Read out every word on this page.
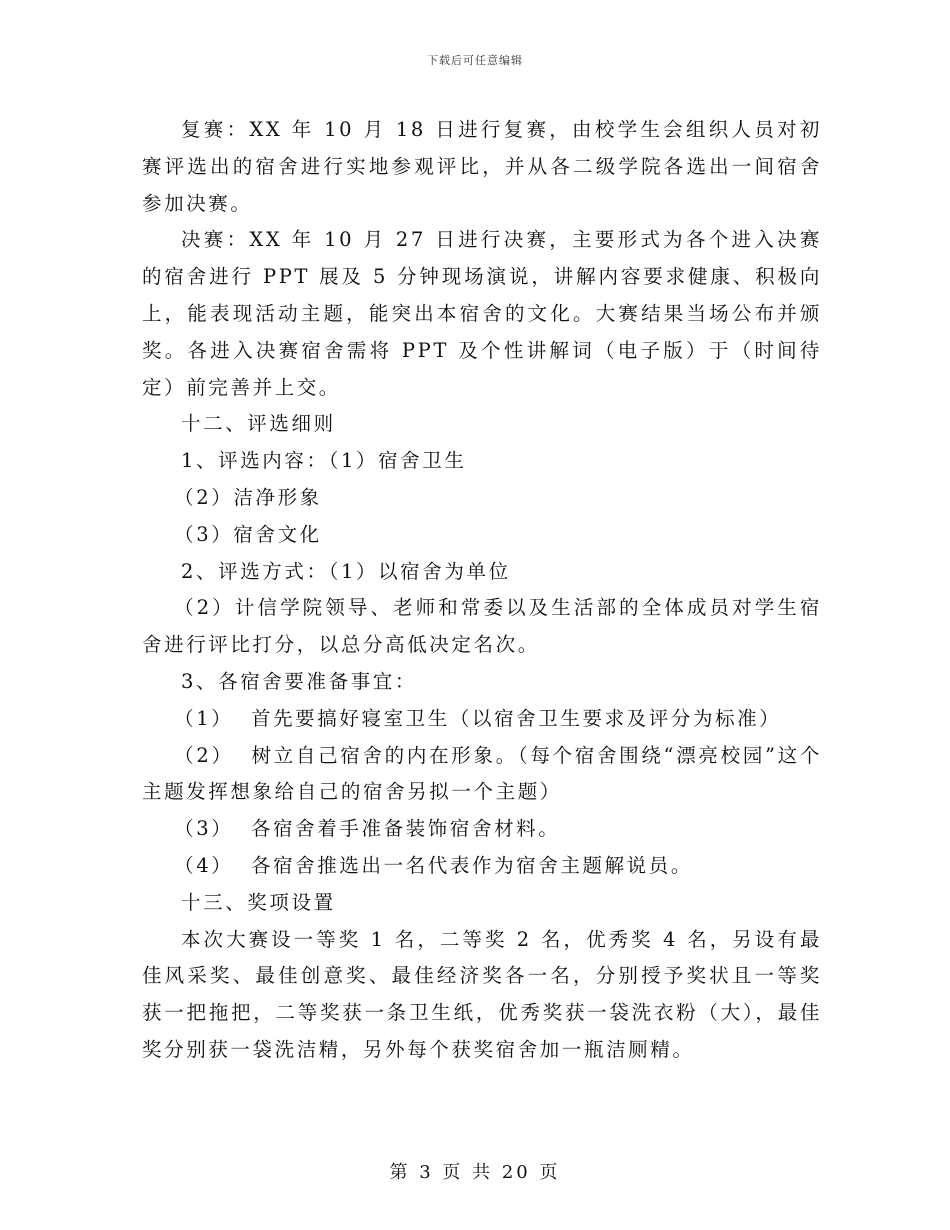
下载后可任意编辑

复赛：XX 年 10 月 18 日进行复赛，由校学生会组织人员对初赛评选出的宿舍进行实地参观评比，并从各二级学院各选出一间宿舍参加决赛。

决赛：XX 年 10 月 27 日进行决赛，主要形式为各个进入决赛的宿舍进行 PPT 展及 5 分钟现场演说，讲解内容要求健康、积极向上，能表现活动主题，能突出本宿舍的文化。大赛结果当场公布并颁奖。各进入决赛宿舍需将 PPT 及个性讲解词（电子版）于（时间待定）前完善并上交。

十二、评选细则

1、评选内容：（1）宿舍卫生

（2）洁净形象

（3）宿舍文化

2、评选方式：（1）以宿舍为单位

（2）计信学院领导、老师和常委以及生活部的全体成员对学生宿舍进行评比打分，以总分高低决定名次。

3、各宿舍要准备事宜：

（1）  首先要搞好寝室卫生（以宿舍卫生要求及评分为标准）

（2）  树立自己宿舍的内在形象。（每个宿舍围绕“漂亮校园”这个主题发挥想象给自己的宿舍另拟一个主题）

（3）  各宿舍着手准备装饰宿舍材料。

（4）  各宿舍推选出一名代表作为宿舍主题解说员。

十三、奖项设置

本次大赛设一等奖 1 名，二等奖 2 名，优秀奖 4 名，另设有最佳风采奖、最佳创意奖、最佳经济奖各一名，分别授予奖状且一等奖获一把拖把，二等奖获一条卫生纸，优秀奖获一袋洗衣粉（大），最佳奖分别获一袋洗洁精，另外每个获奖宿舍加一瓶洁厕精。

第 3 页 共 20 页
